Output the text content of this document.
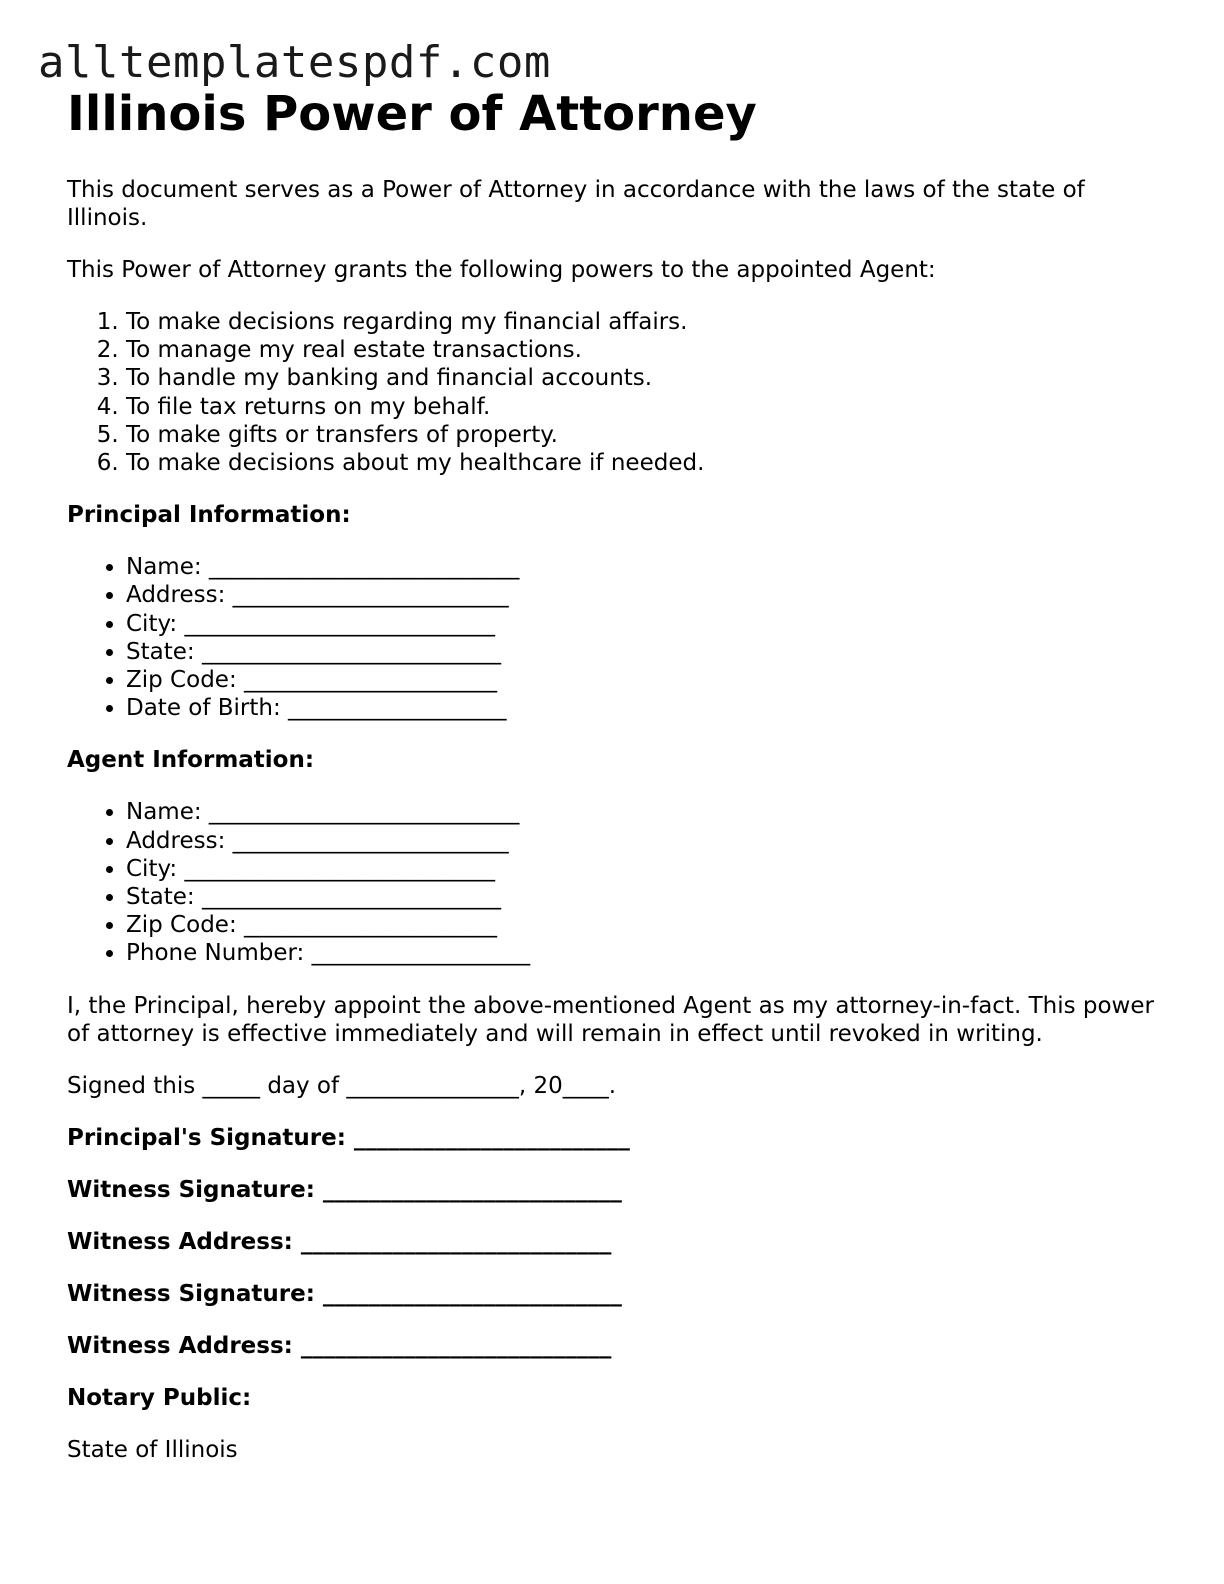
alltemplatespdf.com
Illinois Power of Attorney

This document serves as a Power of Attorney in accordance with the laws of the state of Illinois.

This Power of Attorney grants the following powers to the appointed Agent:

1. To make decisions regarding my financial affairs.
2. To manage my real estate transactions.
3. To handle my banking and financial accounts.
4. To file tax returns on my behalf.
5. To make gifts or transfers of property.
6. To make decisions about my healthcare if needed.
Principal Information:
• Name: ___________________________
• Address: ________________________
• City: ___________________________
• State: __________________________
• Zip Code: ______________________
• Date of Birth: ___________________
Agent Information:
• Name: ___________________________
• Address: ________________________
• City: ___________________________
• State: __________________________
• Zip Code: ______________________
• Phone Number: ___________________

I, the Principal, hereby appoint the above-mentioned Agent as my attorney-in-fact. This power of attorney is effective immediately and will remain in effect until revoked in writing.

Signed this _____ day of _______________, 20____.

Principal's Signature: ________________________

Witness Signature: __________________________

Witness Address: ___________________________

Witness Signature: __________________________

Witness Address: ___________________________

Notary Public:

State of Illinois
